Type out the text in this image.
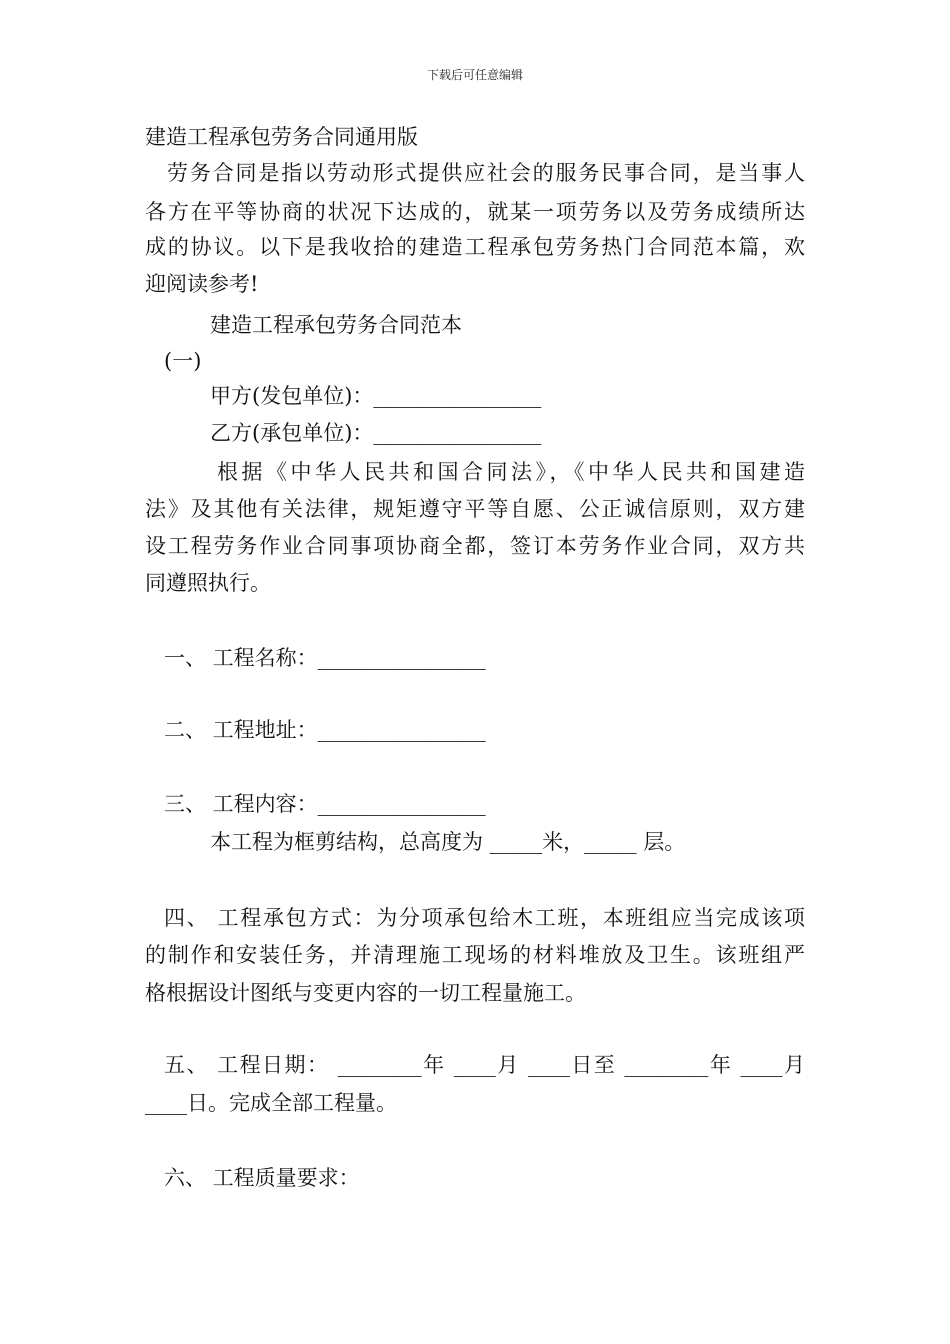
下载后可任意编辑
建造工程承包劳务合同通用版
劳务合同是指以劳动形式提供应社会的服务民事合同，是当事人
各方在平等协商的状况下达成的，就某一项劳务以及劳务成绩所达
成的协议。以下是我收拾的建造工程承包劳务热门合同范本篇，欢
迎阅读参考!
建造工程承包劳务合同范本
(一)
甲方(发包单位)：________________
乙方(承包单位)：________________
根据《中华人民共和国合同法》，《中华人民共和国建造
法》及其他有关法律，规矩遵守平等自愿、公正诚信原则，双方建
设工程劳务作业合同事项协商全都，签订本劳务作业合同，双方共
同遵照执行。
一、 工程名称：________________
二、 工程地址：________________
三、 工程内容：________________
本工程为框剪结构，总高度为 _____米，_____ 层。
四、 工程承包方式：为分项承包给木工班，本班组应当完成该项
的制作和安装任务，并清理施工现场的材料堆放及卫生。该班组严
格根据设计图纸与变更内容的一切工程量施工。
五、 工程日期： ________年 ____月 ____日至 ________年 ____月
____日。完成全部工程量。
六、 工程质量要求：
